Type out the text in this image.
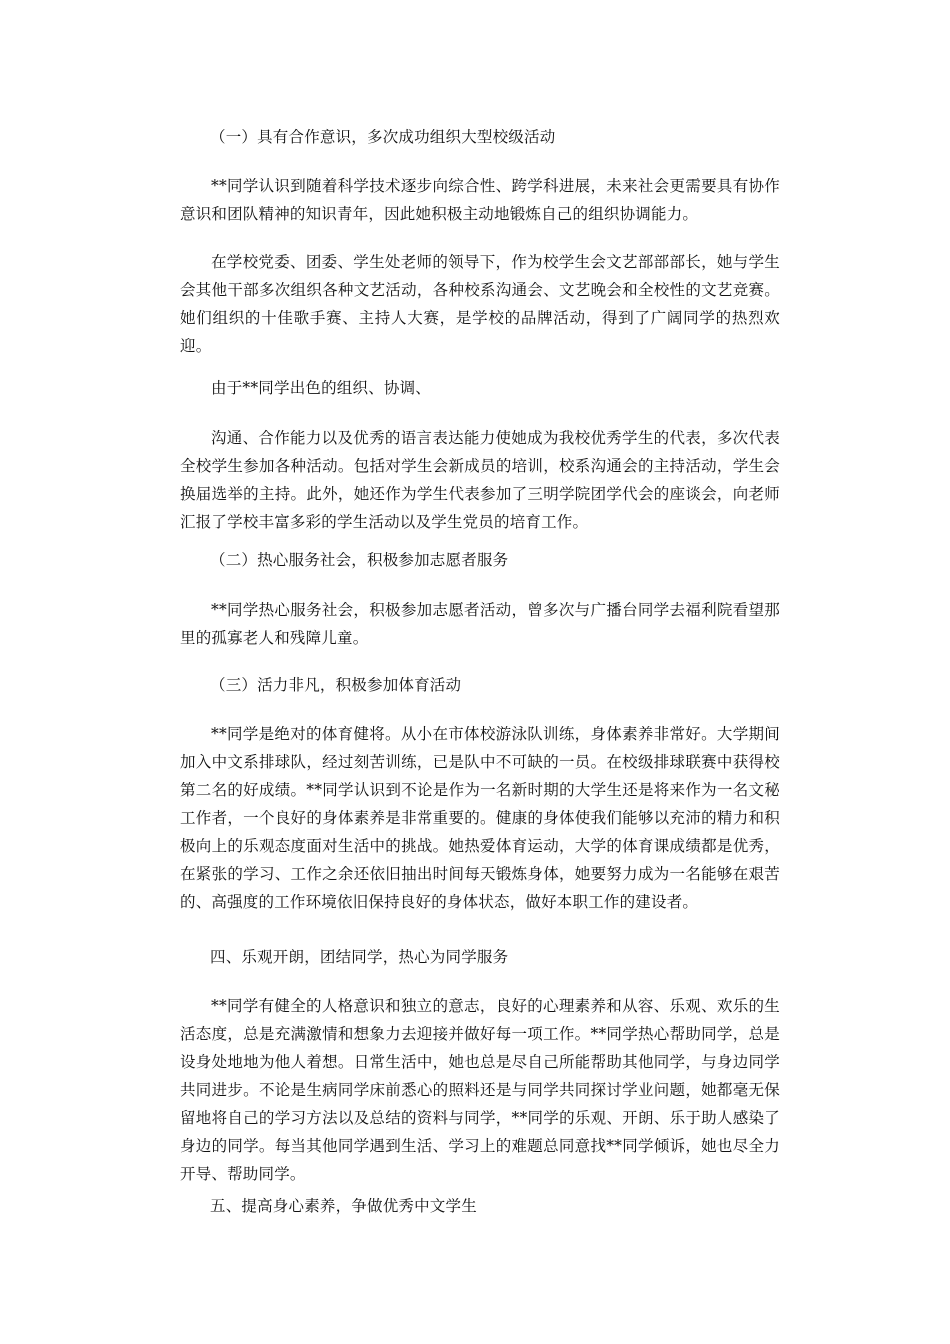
（一）具有合作意识，多次成功组织大型校级活动

**同学认识到随着科学技术逐步向综合性、跨学科进展，未来社会更需要具有协作意识和团队精神的知识青年，因此她积极主动地锻炼自己的组织协调能力。

在学校党委、团委、学生处老师的领导下，作为校学生会文艺部部部长，她与学生会其他干部多次组织各种文艺活动，各种校系沟通会、文艺晚会和全校性的文艺竞赛。她们组织的十佳歌手赛、主持人大赛，是学校的品牌活动，得到了广阔同学的热烈欢迎。

由于**同学出色的组织、协调、

沟通、合作能力以及优秀的语言表达能力使她成为我校优秀学生的代表，多次代表全校学生参加各种活动。包括对学生会新成员的培训，校系沟通会的主持活动，学生会换届选举的主持。此外，她还作为学生代表参加了三明学院团学代会的座谈会，向老师汇报了学校丰富多彩的学生活动以及学生党员的培育工作。

（二）热心服务社会，积极参加志愿者服务

**同学热心服务社会，积极参加志愿者活动，曾多次与广播台同学去福利院看望那里的孤寡老人和残障儿童。

（三）活力非凡，积极参加体育活动

**同学是绝对的体育健将。从小在市体校游泳队训练，身体素养非常好。大学期间加入中文系排球队，经过刻苦训练，已是队中不可缺的一员。在校级排球联赛中获得校第二名的好成绩。**同学认识到不论是作为一名新时期的大学生还是将来作为一名文秘工作者，一个良好的身体素养是非常重要的。健康的身体使我们能够以充沛的精力和积极向上的乐观态度面对生活中的挑战。她热爱体育运动，大学的体育课成绩都是优秀，在紧张的学习、工作之余还依旧抽出时间每天锻炼身体，她要努力成为一名能够在艰苦的、高强度的工作环境依旧保持良好的身体状态，做好本职工作的建设者。

四、乐观开朗，团结同学，热心为同学服务

**同学有健全的人格意识和独立的意志，良好的心理素养和从容、乐观、欢乐的生活态度，总是充满激情和想象力去迎接并做好每一项工作。**同学热心帮助同学，总是设身处地地为他人着想。日常生活中，她也总是尽自己所能帮助其他同学，与身边同学共同进步。不论是生病同学床前悉心的照料还是与同学共同探讨学业问题，她都毫无保留地将自己的学习方法以及总结的资料与同学，**同学的乐观、开朗、乐于助人感染了身边的同学。每当其他同学遇到生活、学习上的难题总同意找**同学倾诉，她也尽全力开导、帮助同学。

五、提高身心素养，争做优秀中文学生
